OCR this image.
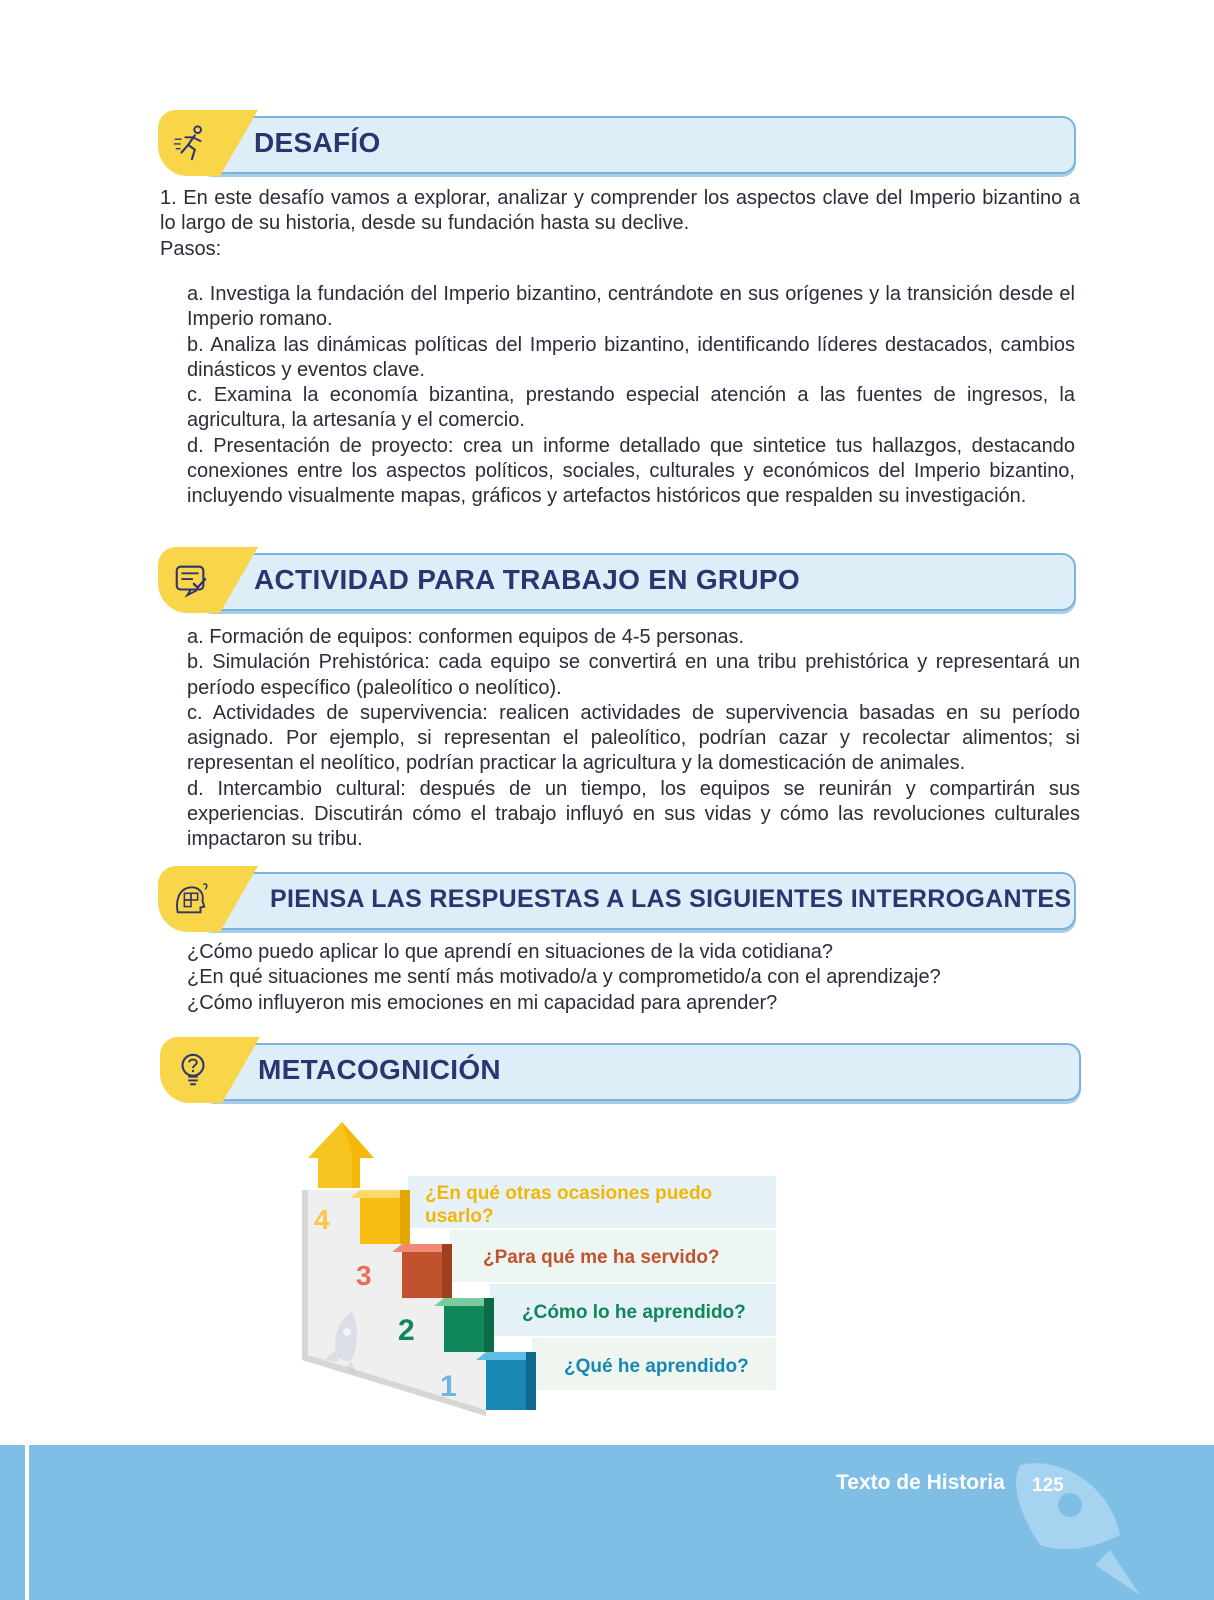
DESAFÍO

1. En este desafío vamos a explorar, analizar y comprender los aspectos clave del Imperio bizantino a lo largo de su historia, desde su fundación hasta su declive.

Pasos:

a. Investiga la fundación del Imperio bizantino, centrándote en sus orígenes y la transición desde el Imperio romano.

b. Analiza las dinámicas políticas del Imperio bizantino, identificando líderes destacados, cambios dinásticos y eventos clave.

c. Examina la economía bizantina, prestando especial atención a las fuentes de ingresos, la agricultura, la artesanía y el comercio.

d. Presentación de proyecto: crea un informe detallado que sintetice tus hallazgos, destacando conexiones entre los aspectos políticos, sociales, culturales y económicos del Imperio bizantino, incluyendo visualmente mapas, gráficos y artefactos históricos que respalden su investigación.

ACTIVIDAD PARA TRABAJO EN GRUPO

a. Formación de equipos: conformen equipos de 4-5 personas.

b. Simulación Prehistórica: cada equipo se convertirá en una tribu prehistórica y representará un período específico (paleolítico o neolítico).

c. Actividades de supervivencia: realicen actividades de supervivencia basadas en su período asignado. Por ejemplo, si representan el paleolítico, podrían cazar y recolectar alimentos; si representan el neolítico, podrían practicar la agricultura y la domesticación de animales.

d. Intercambio cultural: después de un tiempo, los equipos se reunirán y compartirán sus experiencias. Discutirán cómo el trabajo influyó en sus vidas y cómo las revoluciones culturales impactaron su tribu.

PIENSA LAS RESPUESTAS A LAS SIGUIENTES INTERROGANTES

¿Cómo puedo aplicar lo que aprendí en situaciones de la vida cotidiana?

¿En qué situaciones me sentí más motivado/a y comprometido/a con el aprendizaje?

¿Cómo influyeron mis emociones en mi capacidad para aprender?

METACOGNICIÓN
4
3
2
1
¿En qué otras ocasiones puedo usarlo?
¿Para qué me ha servido?
¿Cómo lo he aprendido?
¿Qué he aprendido?
Texto de Historia 125
